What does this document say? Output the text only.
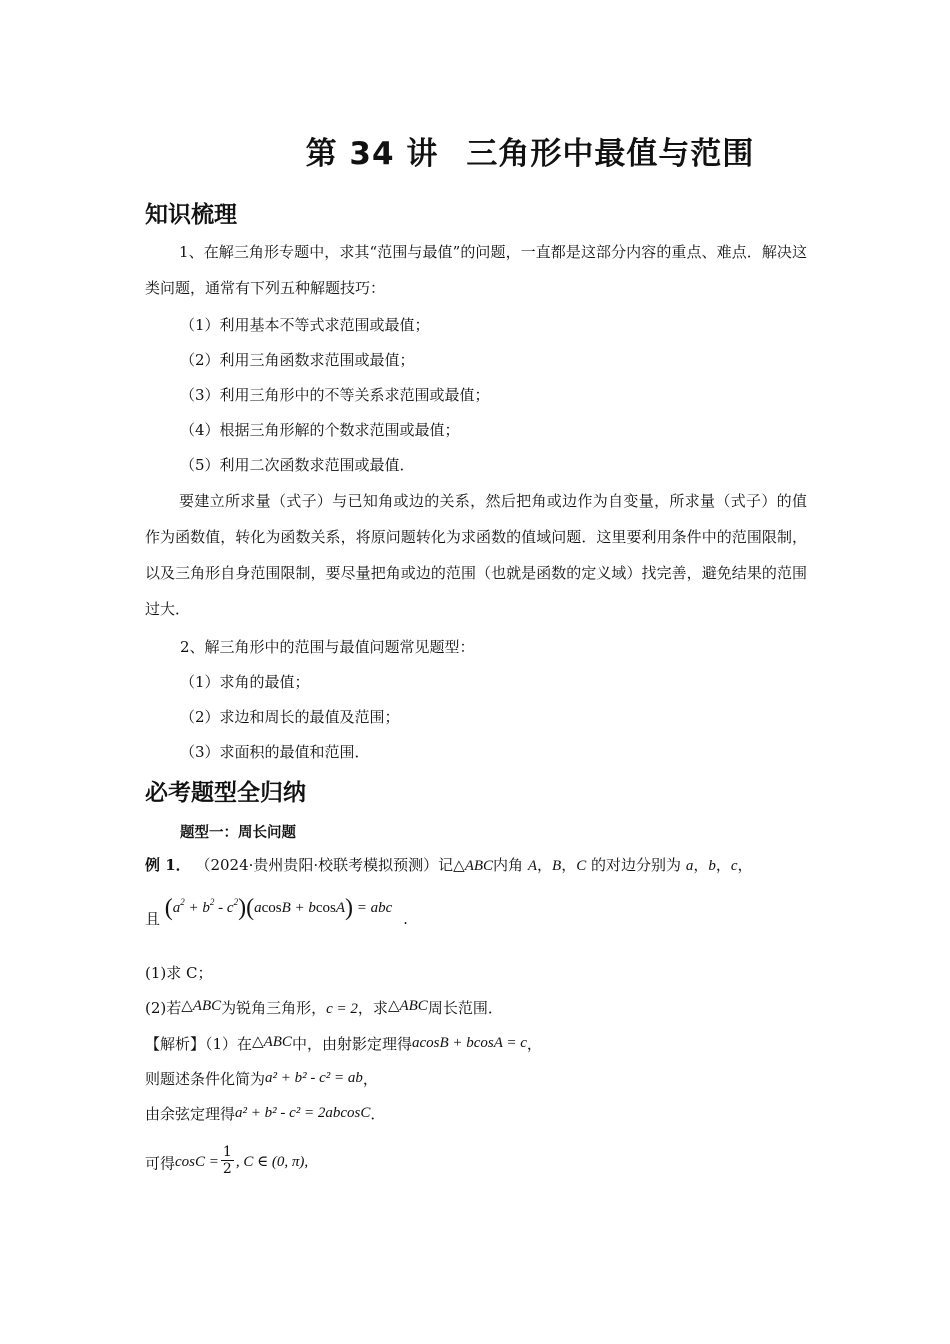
第 34 讲 三角形中最值与范围
知识梳理
1、在解三角形专题中，求其“范围与最值”的问题，一直都是这部分内容的重点、难点．解决这类问题，通常有下列五种解题技巧：
（1）利用基本不等式求范围或最值；
（2）利用三角函数求范围或最值；
（3）利用三角形中的不等关系求范围或最值；
（4）根据三角形解的个数求范围或最值；
（5）利用二次函数求范围或最值．
要建立所求量（式子）与已知角或边的关系，然后把角或边作为自变量，所求量（式子）的值作为函数值，转化为函数关系，将原问题转化为求函数的值域问题．这里要利用条件中的范围限制，以及三角形自身范围限制，要尽量把角或边的范围（也就是函数的定义域）找完善，避免结果的范围过大．
2、解三角形中的范围与最值问题常见题型：
（1）求角的最值；
（2）求边和周长的最值及范围；
（3）求面积的最值和范围．
必考题型全归纳
题型一：周长问题
例 1． （2024·贵州贵阳·校联考模拟预测）记△ABC内角 A，B，C 的对边分别为 a，b，c，
且 $(a^2 + b^2 - c^2)(acosB + bcosA)$ = abc .
(1)求 C；
(2)若△ABC为锐角三角形，c = 2，求△ABC周长范围．
【解析】（1）在△ABC中，由射影定理得acosB + bcosA = c，
则题述条件化简为a² + b² - c² = ab，
由余弦定理得a² + b² - c² = 2abcosC．
可得$\cos C = \frac{1}{2}$ , C ∈ (0, π),
